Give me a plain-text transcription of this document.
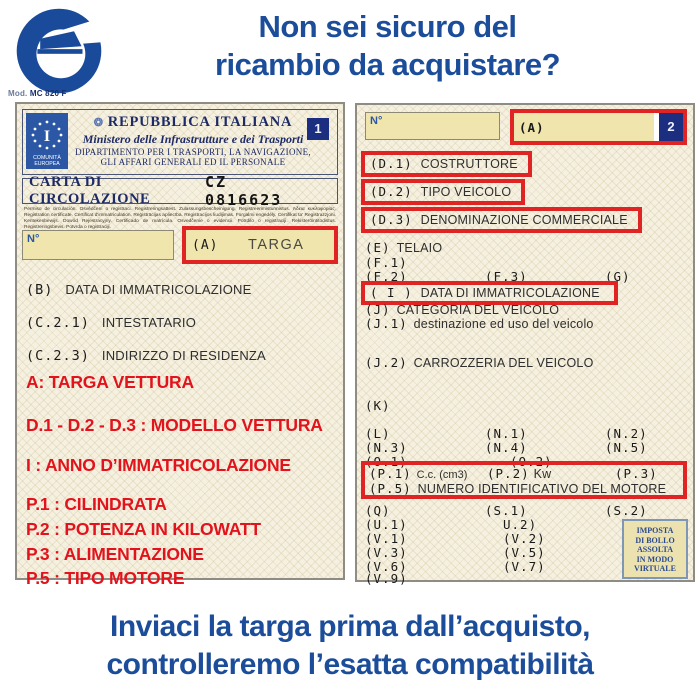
Non sei sicuro del
ricambio da acquistare?
Mod. MC 820 F
I
COMUNITÀ
EUROPEA
❂ REPUBBLICA ITALIANA
Ministero delle Infrastrutture e dei Trasporti
DIPARTIMENTO PER I TRASPORTI, LA NAVIGAZIONE,
GLI AFFARI GENERALI ED IL PERSONALE
1
CARTA DI CIRCOLAZIONE
CZ 0816623

Permiso de circulación. Osvědčení o registraci. Registreringsattest. Zulassungsbescheinigung. Registreerimistunnistus. Άδεια κυκλοφορίας. Registration certificate. Certificat d'immatriculation. Reģistrācijas apliecība. Registracijos liudijimas. Forgalmi engedély. Certifikat ta' Registrazzjoni. Kentekenbewijs. Dowód Rejestracyjny. Certificado de matrícula. Osvedčenie o evidencii. Potrdilo o registraciji. Rekisteröintitodistus. Registreringsbevis. Potvrda o registraciji.

N°	(A) TARGA
(B) DATA DI IMMATRICOLAZIONE
(C.2.1) INTESTATARIO
(C.2.3) INDIRIZZO DI RESIDENZA
A: TARGA VETTURA
D.1 - D.2 - D.3 : MODELLO VETTURA
I : ANNO D’IMMATRICOLAZIONE
P.1 : CILINDRATA
P.2 : POTENZA IN KILOWATT
P.3 : ALIMENTAZIONE
P.5 : TIPO MOTORE
N°	(A)	2
(D.1) COSTRUTTORE
(D.2) TIPO VEICOLO
(D.3) DENOMINAZIONE COMMERCIALE
(E) TELAIO
(F.1)
(F.2)	(F.3)	(G)
( I ) DATA DI IMMATRICOLAZIONE
(J) CATEGORIA DEL VEICOLO
(J.1) destinazione ed uso del veicolo
(J.2) CARROZZERIA DEL VEICOLO
(K)
(L)	(N.1)	(N.2)
(N.3)	(N.4)	(N.5)
(O.1)	(O.2)
(P.1) C.c. (cm3) (P.2) Kw	(P.3)
(P.5) NUMERO IDENTIFICATIVO DEL MOTORE
(Q)	(S.1)	(S.2)
(U.1)	U.2)
(V.1)	(V.2)
(V.3)	(V.5)
(V.6)	(V.7)
(V.9)
IMPOSTA
DI BOLLO
ASSOLTA
IN MODO
VIRTUALE
Inviaci la targa prima dall’acquisto,
controlleremo l’esatta compatibilità
